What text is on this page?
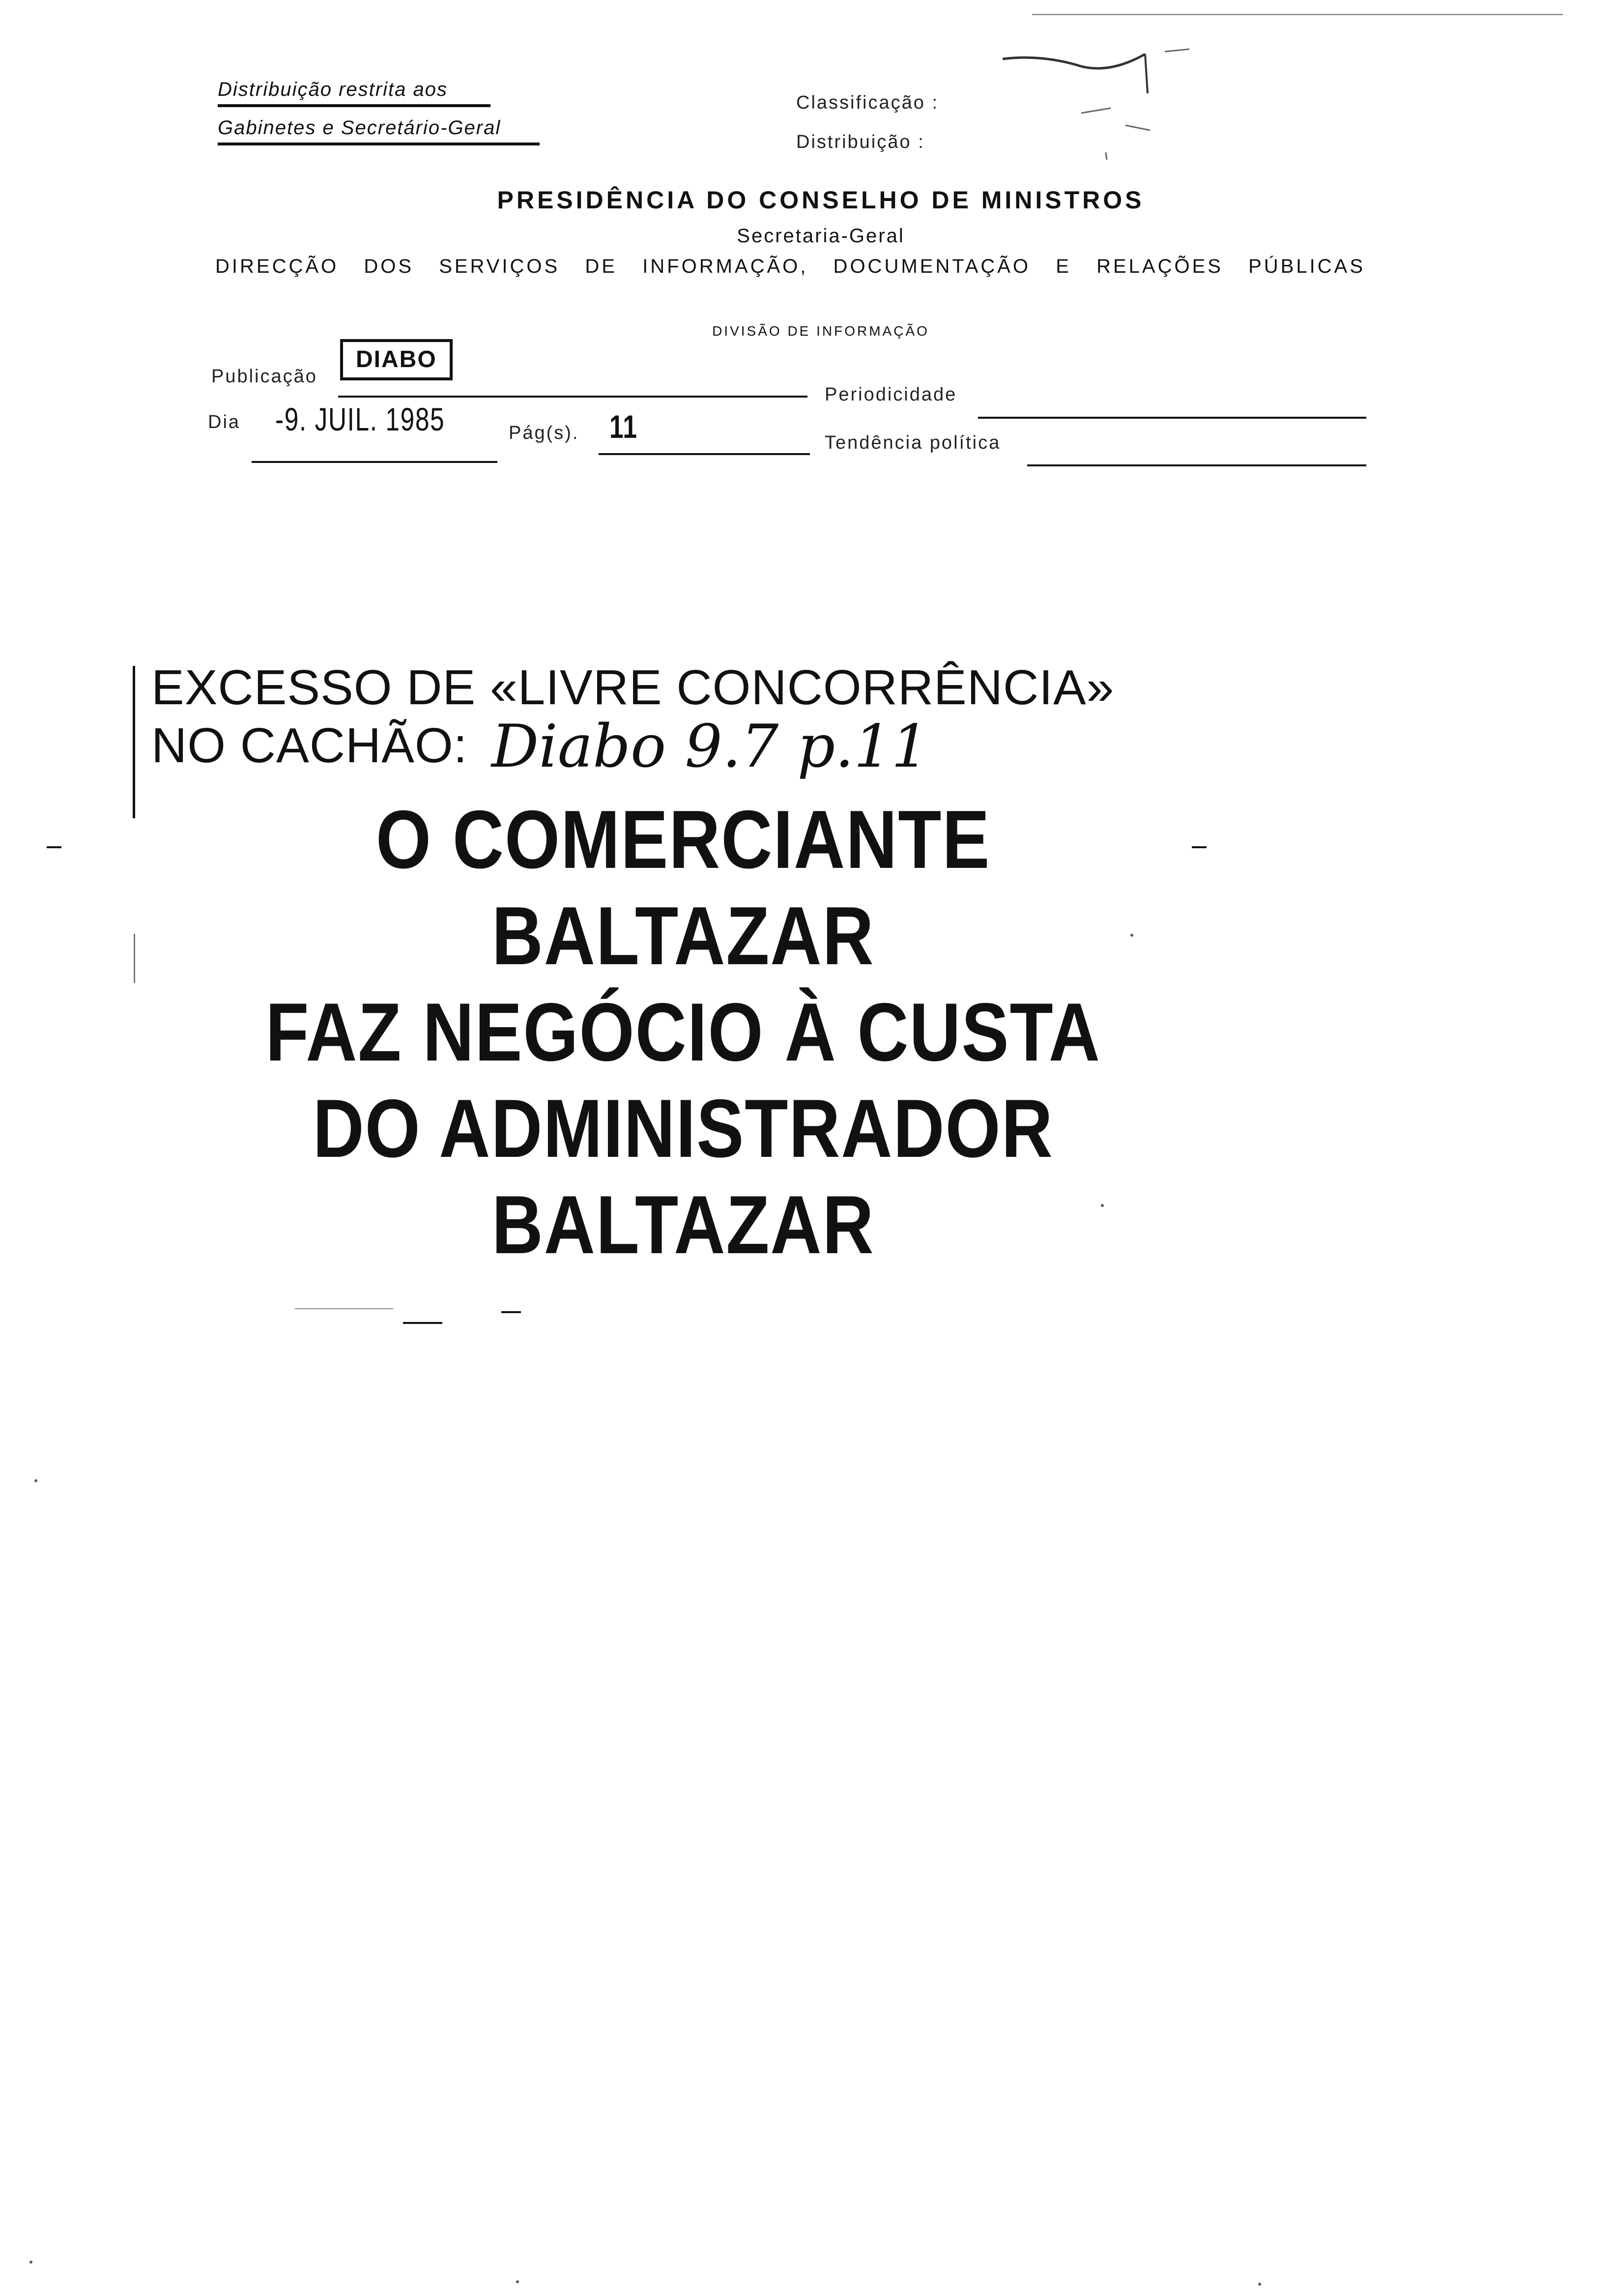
Distribuição restrita aos
Gabinetes e Secretário-Geral
Classificação :
Distribuição :
PRESIDÊNCIA DO CONSELHO DE MINISTROS
Secretaria-Geral
DIRECÇÃO DOS SERVIÇOS DE INFORMAÇÃO, DOCUMENTAÇÃO E RELAÇÕES PÚBLICAS
DIVISÃO DE INFORMAÇÃO
Publicação
DIABO
Periodicidade
Dia -9. JUIL. 1985	Pág(s). 11	Tendência política
EXCESSO DE «LIVRE CONCORRÊNCIA»
NO CACHÃO: Diabo 9.7 p.11
O COMERCIANTE
BALTAZAR
FAZ NEGÓCIO À CUSTA
DO ADMINISTRADOR
BALTAZAR
